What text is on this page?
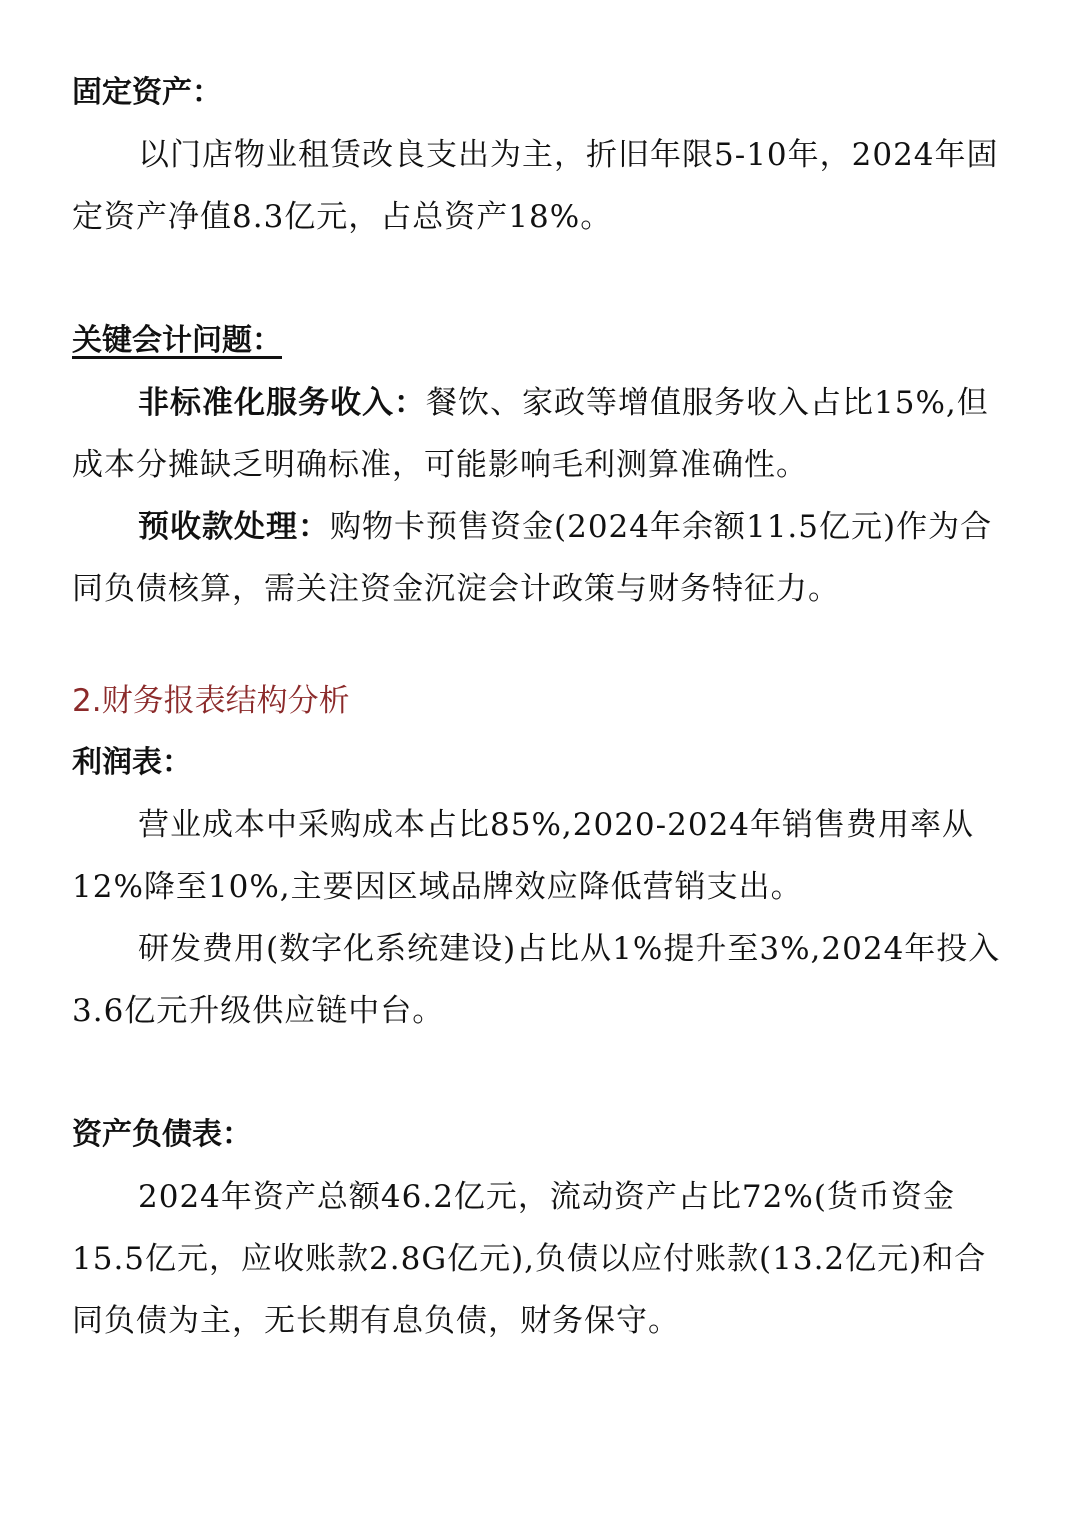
固定资产：

以门店物业租赁改良支出为主，折旧年限5-10年，2024年固定资产净值8.3亿元，占总资产18%。

关键会计问题：

非标准化服务收入：餐饮、家政等增值服务收入占比15%,但成本分摊缺乏明确标准，可能影响毛利测算准确性。

预收款处理：购物卡预售资金(2024年余额11.5亿元)作为合同负债核算，需关注资金沉淀会计政策与财务特征力。

2.财务报表结构分析

利润表：

营业成本中采购成本占比85%,2020-2024年销售费用率从12%降至10%,主要因区域品牌效应降低营销支出。

研发费用(数字化系统建设)占比从1%提升至3%,2024年投入3.6亿元升级供应链中台。

资产负债表：

2024年资产总额46.2亿元，流动资产占比72%(货币资金15.5亿元，应收账款2.8G亿元),负债以应付账款(13.2亿元)和合同负债为主，无长期有息负债，财务保守。
